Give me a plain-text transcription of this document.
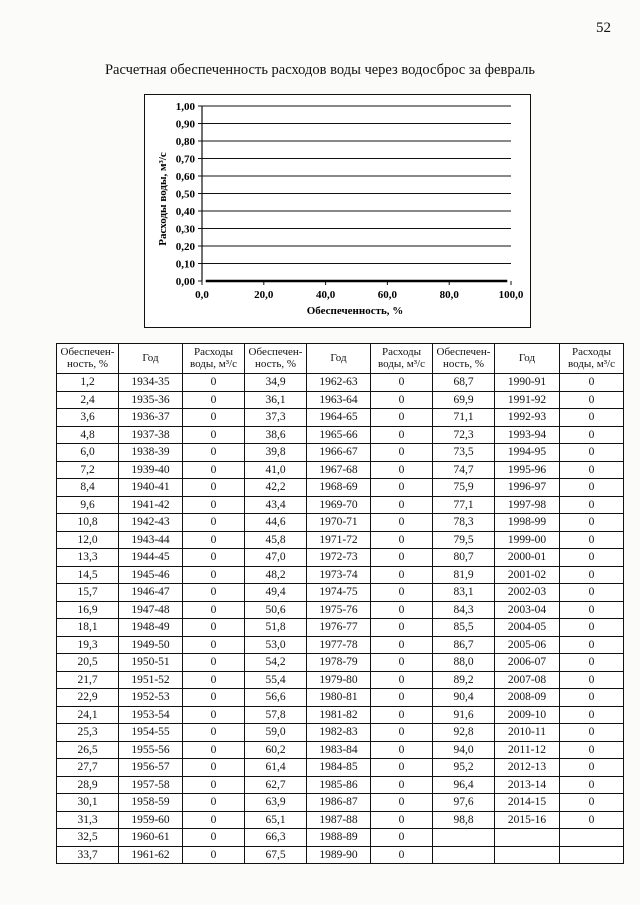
52
Расчетная обеспеченность расходов воды через водосброс за февраль
Расходы воды, м³/с
Обеспеченность, %
0,00
0,10
0,20
0,30
0,40
0,50
0,60
0,70
0,80
0,90
1,00
0,0	20,0	40,0	60,0	80,0	100,0
Обеспечен-ность, %	Год	Расходы воды, м³/с	Обеспечен-ность, %	Год	Расходы воды, м³/с	Обеспечен-ность, %	Год	Расходы воды, м³/с
1,2	1934-35	0	34,9	1962-63	0	68,7	1990-91	0
2,4	1935-36	0	36,1	1963-64	0	69,9	1991-92	0
3,6	1936-37	0	37,3	1964-65	0	71,1	1992-93	0
4,8	1937-38	0	38,6	1965-66	0	72,3	1993-94	0
6,0	1938-39	0	39,8	1966-67	0	73,5	1994-95	0
7,2	1939-40	0	41,0	1967-68	0	74,7	1995-96	0
8,4	1940-41	0	42,2	1968-69	0	75,9	1996-97	0
9,6	1941-42	0	43,4	1969-70	0	77,1	1997-98	0
10,8	1942-43	0	44,6	1970-71	0	78,3	1998-99	0
12,0	1943-44	0	45,8	1971-72	0	79,5	1999-00	0
13,3	1944-45	0	47,0	1972-73	0	80,7	2000-01	0
14,5	1945-46	0	48,2	1973-74	0	81,9	2001-02	0
15,7	1946-47	0	49,4	1974-75	0	83,1	2002-03	0
16,9	1947-48	0	50,6	1975-76	0	84,3	2003-04	0
18,1	1948-49	0	51,8	1976-77	0	85,5	2004-05	0
19,3	1949-50	0	53,0	1977-78	0	86,7	2005-06	0
20,5	1950-51	0	54,2	1978-79	0	88,0	2006-07	0
21,7	1951-52	0	55,4	1979-80	0	89,2	2007-08	0
22,9	1952-53	0	56,6	1980-81	0	90,4	2008-09	0
24,1	1953-54	0	57,8	1981-82	0	91,6	2009-10	0
25,3	1954-55	0	59,0	1982-83	0	92,8	2010-11	0
26,5	1955-56	0	60,2	1983-84	0	94,0	2011-12	0
27,7	1956-57	0	61,4	1984-85	0	95,2	2012-13	0
28,9	1957-58	0	62,7	1985-86	0	96,4	2013-14	0
30,1	1958-59	0	63,9	1986-87	0	97,6	2014-15	0
31,3	1959-60	0	65,1	1987-88	0	98,8	2015-16	0
32,5	1960-61	0	66,3	1988-89	0			
33,7	1961-62	0	67,5	1989-90	0			
